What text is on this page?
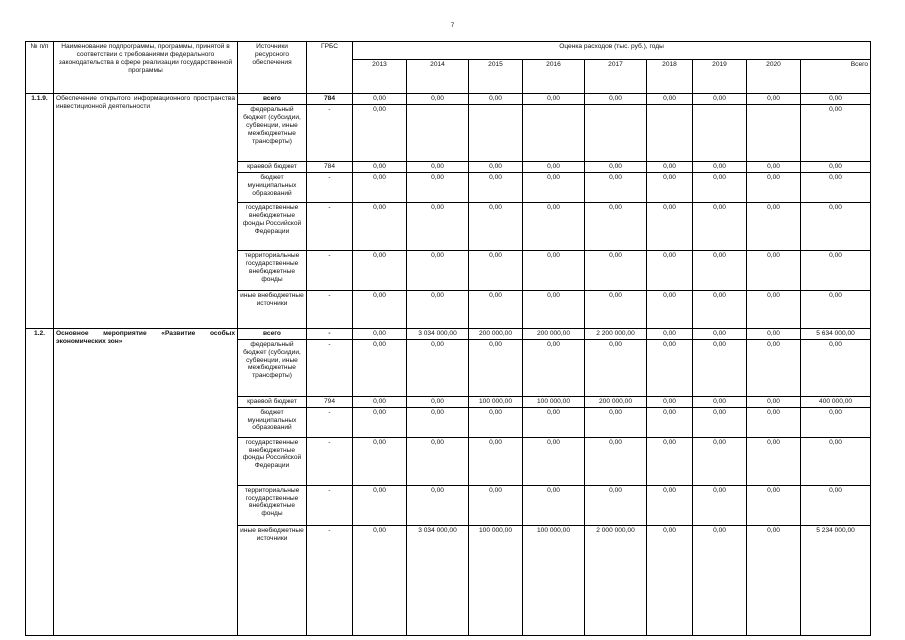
7
№ п/п	Наименование подпрограммы, программы, принятой в соответствии с требованиями федерального законодательства в сфере реализации государственной программы	Источники ресурсного обеспечения	ГРБС	Оценка расходов (тыс. руб.), годы								
				2013	2014	2015	2016	2017	2018	2019	2020	Всего
1.1.9.	Обеспечение открытого информационного пространства инвестиционной деятельности	всего	784	0,00	0,00	0,00	0,00	0,00	0,00	0,00	0,00	0,00
		федеральный бюджет (субсидии, субвенции, иные межбюджетные трансферты)	-	0,00								0,00
		краевой бюджет	784	0,00	0,00	0,00	0,00	0,00	0,00	0,00	0,00	0,00
		бюджет муниципальных образований	-	0,00	0,00	0,00	0,00	0,00	0,00	0,00	0,00	0,00
		государственные внебюджетные фонды Российской Федерации	-	0,00	0,00	0,00	0,00	0,00	0,00	0,00	0,00	0,00
		территориальные государственные внебюджетные фонды	-	0,00	0,00	0,00	0,00	0,00	0,00	0,00	0,00	0,00
		иные внебюджетные источники	-	0,00	0,00	0,00	0,00	0,00	0,00	0,00	0,00	0,00
1.2.	Основное мероприятие «Развитие особых экономических зон»	всего	-	0,00	3 034 000,00	200 000,00	200 000,00	2 200 000,00	0,00	0,00	0,00	5 634 000,00
		федеральный бюджет (субсидии, субвенции, иные межбюджетные трансферты)	-	0,00	0,00	0,00	0,00	0,00	0,00	0,00	0,00	0,00
		краевой бюджет	794	0,00	0,00	100 000,00	100 000,00	200 000,00	0,00	0,00	0,00	400 000,00
		бюджет муниципальных образований	-	0,00	0,00	0,00	0,00	0,00	0,00	0,00	0,00	0,00
		государственные внебюджетные фонды Российской Федерации	-	0,00	0,00	0,00	0,00	0,00	0,00	0,00	0,00	0,00
		территориальные государственные внебюджетные фонды	-	0,00	0,00	0,00	0,00	0,00	0,00	0,00	0,00	0,00
		иные внебюджетные источники	-	0,00	3 034 000,00	100 000,00	100 000,00	2 000 000,00	0,00	0,00	0,00	5 234 000,00
